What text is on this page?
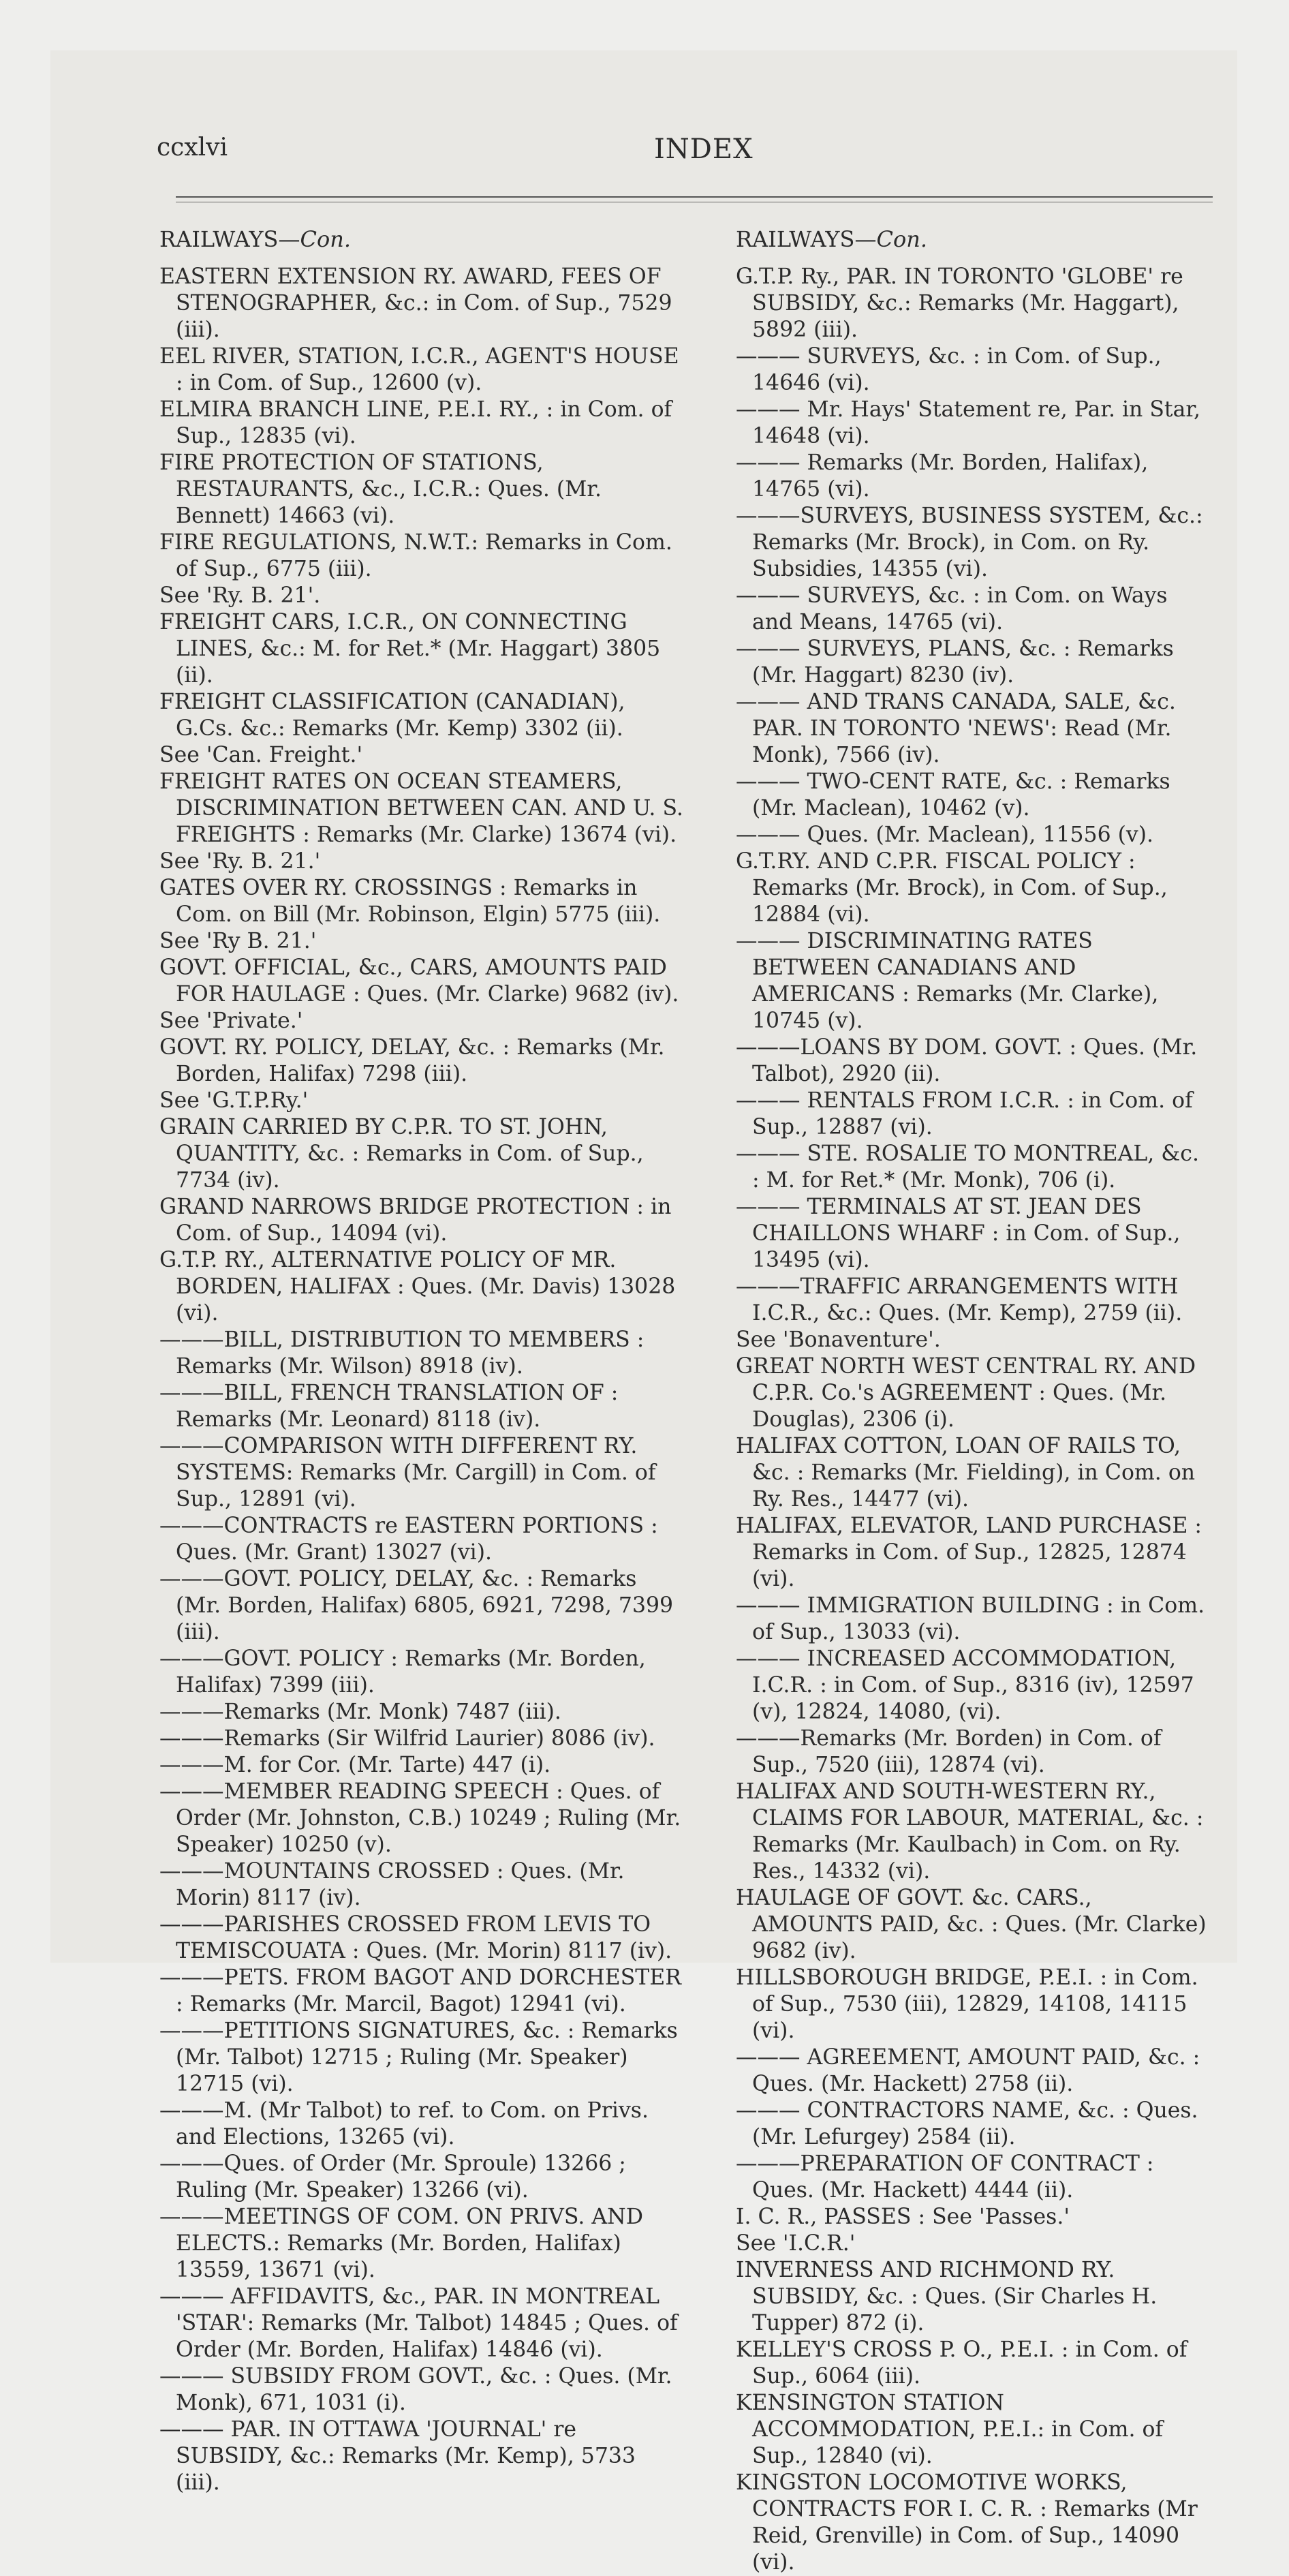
ccxlvi	INDEX
RAILWAYS—Con.
EASTERN EXTENSION RY. AWARD, FEES OF STENOGRAPHER, &c.: in Com. of Sup., 7529 (iii).
EEL RIVER, STATION, I.C.R., AGENT'S HOUSE : in Com. of Sup., 12600 (v).
ELMIRA BRANCH LINE, P.E.I. RY., : in Com. of Sup., 12835 (vi).
FIRE PROTECTION OF STATIONS, RESTAURANTS, &c., I.C.R.: Ques. (Mr. Bennett) 14663 (vi).
FIRE REGULATIONS, N.W.T.: Remarks in Com. of Sup., 6775 (iii).
See 'Ry. B. 21'.
FREIGHT CARS, I.C.R., ON CONNECTING LINES, &c.: M. for Ret.* (Mr. Haggart) 3805 (ii).
FREIGHT CLASSIFICATION (CANADIAN), G.Cs. &c.: Remarks (Mr. Kemp) 3302 (ii).
See 'Can. Freight.'
FREIGHT RATES ON OCEAN STEAMERS, DISCRIMINATION BETWEEN CAN. AND U. S. FREIGHTS : Remarks (Mr. Clarke) 13674 (vi).
See 'Ry. B. 21.'
GATES OVER RY. CROSSINGS : Remarks in Com. on Bill (Mr. Robinson, Elgin) 5775 (iii).
See 'Ry B. 21.'
GOVT. OFFICIAL, &c., CARS, AMOUNTS PAID FOR HAULAGE : Ques. (Mr. Clarke) 9682 (iv).
See 'Private.'
GOVT. RY. POLICY, DELAY, &c. : Remarks (Mr. Borden, Halifax) 7298 (iii).
See 'G.T.P.Ry.'
GRAIN CARRIED BY C.P.R. TO ST. JOHN, QUANTITY, &c. : Remarks in Com. of Sup., 7734 (iv).
GRAND NARROWS BRIDGE PROTECTION : in Com. of Sup., 14094 (vi).
G.T.P. RY., ALTERNATIVE POLICY OF MR. BORDEN, HALIFAX : Ques. (Mr. Davis) 13028 (vi).
———BILL, DISTRIBUTION TO MEMBERS : Remarks (Mr. Wilson) 8918 (iv).
———BILL, FRENCH TRANSLATION OF : Remarks (Mr. Leonard) 8118 (iv).
———COMPARISON WITH DIFFERENT RY. SYSTEMS: Remarks (Mr. Cargill) in Com. of Sup., 12891 (vi).
———CONTRACTS re EASTERN PORTIONS : Ques. (Mr. Grant) 13027 (vi).
———GOVT. POLICY, DELAY, &c. : Remarks (Mr. Borden, Halifax) 6805, 6921, 7298, 7399 (iii).
———GOVT. POLICY : Remarks (Mr. Borden, Halifax) 7399 (iii).
———Remarks (Mr. Monk) 7487 (iii).
———Remarks (Sir Wilfrid Laurier) 8086 (iv).
———M. for Cor. (Mr. Tarte) 447 (i).
———MEMBER READING SPEECH : Ques. of Order (Mr. Johnston, C.B.) 10249 ; Ruling (Mr. Speaker) 10250 (v).
———MOUNTAINS CROSSED : Ques. (Mr. Morin) 8117 (iv).
———PARISHES CROSSED FROM LEVIS TO TEMISCOUATA : Ques. (Mr. Morin) 8117 (iv).
———PETS. FROM BAGOT AND DORCHESTER : Remarks (Mr. Marcil, Bagot) 12941 (vi).
———PETITIONS SIGNATURES, &c. : Remarks (Mr. Talbot) 12715 ; Ruling (Mr. Speaker) 12715 (vi).
———M. (Mr Talbot) to ref. to Com. on Privs. and Elections, 13265 (vi).
———Ques. of Order (Mr. Sproule) 13266 ; Ruling (Mr. Speaker) 13266 (vi).
———MEETINGS OF COM. ON PRIVS. AND ELECTS.: Remarks (Mr. Borden, Halifax) 13559, 13671 (vi).
——— AFFIDAVITS, &c., PAR. IN MONTREAL 'STAR': Remarks (Mr. Talbot) 14845 ; Ques. of Order (Mr. Borden, Halifax) 14846 (vi).
——— SUBSIDY FROM GOVT., &c. : Ques. (Mr. Monk), 671, 1031 (i).
——— PAR. IN OTTAWA 'JOURNAL' re SUBSIDY, &c.: Remarks (Mr. Kemp), 5733 (iii).
RAILWAYS—Con.
G.T.P. Ry., PAR. IN TORONTO 'GLOBE' re SUBSIDY, &c.: Remarks (Mr. Haggart), 5892 (iii).
——— SURVEYS, &c. : in Com. of Sup., 14646 (vi).
——— Mr. Hays' Statement re, Par. in Star, 14648 (vi).
——— Remarks (Mr. Borden, Halifax), 14765 (vi).
———SURVEYS, BUSINESS SYSTEM, &c.: Remarks (Mr. Brock), in Com. on Ry. Subsidies, 14355 (vi).
——— SURVEYS, &c. : in Com. on Ways and Means, 14765 (vi).
——— SURVEYS, PLANS, &c. : Remarks (Mr. Haggart) 8230 (iv).
——— AND TRANS CANADA, SALE, &c. PAR. IN TORONTO 'NEWS': Read (Mr. Monk), 7566 (iv).
——— TWO-CENT RATE, &c. : Remarks (Mr. Maclean), 10462 (v).
——— Ques. (Mr. Maclean), 11556 (v).
G.T.RY. AND C.P.R. FISCAL POLICY : Remarks (Mr. Brock), in Com. of Sup., 12884 (vi).
——— DISCRIMINATING RATES BETWEEN CANADIANS AND AMERICANS : Remarks (Mr. Clarke), 10745 (v).
———LOANS BY DOM. GOVT. : Ques. (Mr. Talbot), 2920 (ii).
——— RENTALS FROM I.C.R. : in Com. of Sup., 12887 (vi).
——— STE. ROSALIE TO MONTREAL, &c. : M. for Ret.* (Mr. Monk), 706 (i).
——— TERMINALS AT ST. JEAN DES CHAILLONS WHARF : in Com. of Sup., 13495 (vi).
———TRAFFIC ARRANGEMENTS WITH I.C.R., &c.: Ques. (Mr. Kemp), 2759 (ii).
See 'Bonaventure'.
GREAT NORTH WEST CENTRAL RY. AND C.P.R. Co.'s AGREEMENT : Ques. (Mr. Douglas), 2306 (i).
HALIFAX COTTON, LOAN OF RAILS TO, &c. : Remarks (Mr. Fielding), in Com. on Ry. Res., 14477 (vi).
HALIFAX, ELEVATOR, LAND PURCHASE : Remarks in Com. of Sup., 12825, 12874 (vi).
——— IMMIGRATION BUILDING : in Com. of Sup., 13033 (vi).
——— INCREASED ACCOMMODATION, I.C.R. : in Com. of Sup., 8316 (iv), 12597 (v), 12824, 14080, (vi).
———Remarks (Mr. Borden) in Com. of Sup., 7520 (iii), 12874 (vi).
HALIFAX AND SOUTH-WESTERN RY., CLAIMS FOR LABOUR, MATERIAL, &c. : Remarks (Mr. Kaulbach) in Com. on Ry. Res., 14332 (vi).
HAULAGE OF GOVT. &c. CARS., AMOUNTS PAID, &c. : Ques. (Mr. Clarke) 9682 (iv).
HILLSBOROUGH BRIDGE, P.E.I. : in Com. of Sup., 7530 (iii), 12829, 14108, 14115 (vi).
——— AGREEMENT, AMOUNT PAID, &c. : Ques. (Mr. Hackett) 2758 (ii).
——— CONTRACTORS NAME, &c. : Ques. (Mr. Lefurgey) 2584 (ii).
———PREPARATION OF CONTRACT : Ques. (Mr. Hackett) 4444 (ii).
I. C. R., PASSES : See 'Passes.'
See 'I.C.R.'
INVERNESS AND RICHMOND RY. SUBSIDY, &c. : Ques. (Sir Charles H. Tupper) 872 (i).
KELLEY'S CROSS P. O., P.E.I. : in Com. of Sup., 6064 (iii).
KENSINGTON STATION ACCOMMODATION, P.E.I.: in Com. of Sup., 12840 (vi).
KINGSTON LOCOMOTIVE WORKS, CONTRACTS FOR I. C. R. : Remarks (Mr Reid, Grenville) in Com. of Sup., 14090 (vi).
